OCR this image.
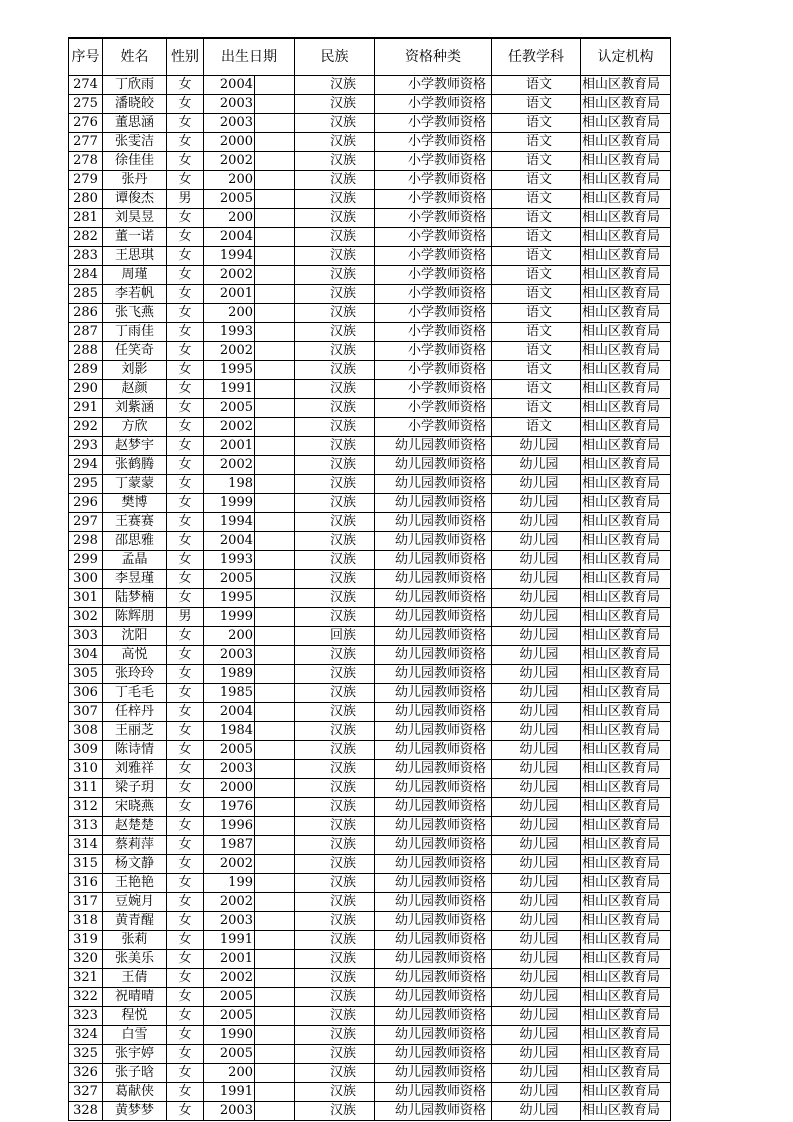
序号	姓名	性别	出生日期	民族	资格种类	任教学科	认定机构
274	丁欣雨	女	2004	汉族	小学教师资格	语文	相山区教育局
275	潘晓皎	女	2003	汉族	小学教师资格	语文	相山区教育局
276	董思涵	女	2003	汉族	小学教师资格	语文	相山区教育局
277	张雯洁	女	2000	汉族	小学教师资格	语文	相山区教育局
278	徐佳佳	女	2002	汉族	小学教师资格	语文	相山区教育局
279	张丹	女	200	汉族	小学教师资格	语文	相山区教育局
280	谭俊杰	男	2005	汉族	小学教师资格	语文	相山区教育局
281	刘昊昱	女	200	汉族	小学教师资格	语文	相山区教育局
282	董一诺	女	2004	汉族	小学教师资格	语文	相山区教育局
283	王思琪	女	1994	汉族	小学教师资格	语文	相山区教育局
284	周瑾	女	2002	汉族	小学教师资格	语文	相山区教育局
285	李若帆	女	2001	汉族	小学教师资格	语文	相山区教育局
286	张飞燕	女	200	汉族	小学教师资格	语文	相山区教育局
287	丁雨佳	女	1993	汉族	小学教师资格	语文	相山区教育局
288	任笑奇	女	2002	汉族	小学教师资格	语文	相山区教育局
289	刘影	女	1995	汉族	小学教师资格	语文	相山区教育局
290	赵颜	女	1991	汉族	小学教师资格	语文	相山区教育局
291	刘紫涵	女	2005	汉族	小学教师资格	语文	相山区教育局
292	方欣	女	2002	汉族	小学教师资格	语文	相山区教育局
293	赵梦宇	女	2001	汉族	幼儿园教师资格	幼儿园	相山区教育局
294	张鹤腾	女	2002	汉族	幼儿园教师资格	幼儿园	相山区教育局
295	丁蒙蒙	女	198	汉族	幼儿园教师资格	幼儿园	相山区教育局
296	樊博	女	1999	汉族	幼儿园教师资格	幼儿园	相山区教育局
297	王赛赛	女	1994	汉族	幼儿园教师资格	幼儿园	相山区教育局
298	邵思雅	女	2004	汉族	幼儿园教师资格	幼儿园	相山区教育局
299	孟晶	女	1993	汉族	幼儿园教师资格	幼儿园	相山区教育局
300	李昱瑾	女	2005	汉族	幼儿园教师资格	幼儿园	相山区教育局
301	陆梦楠	女	1995	汉族	幼儿园教师资格	幼儿园	相山区教育局
302	陈辉朋	男	1999	汉族	幼儿园教师资格	幼儿园	相山区教育局
303	沈阳	女	200	回族	幼儿园教师资格	幼儿园	相山区教育局
304	高悦	女	2003	汉族	幼儿园教师资格	幼儿园	相山区教育局
305	张玲玲	女	1989	汉族	幼儿园教师资格	幼儿园	相山区教育局
306	丁毛毛	女	1985	汉族	幼儿园教师资格	幼儿园	相山区教育局
307	任梓丹	女	2004	汉族	幼儿园教师资格	幼儿园	相山区教育局
308	王丽芝	女	1984	汉族	幼儿园教师资格	幼儿园	相山区教育局
309	陈诗情	女	2005	汉族	幼儿园教师资格	幼儿园	相山区教育局
310	刘雅祥	女	2003	汉族	幼儿园教师资格	幼儿园	相山区教育局
311	梁子玥	女	2000	汉族	幼儿园教师资格	幼儿园	相山区教育局
312	宋晓燕	女	1976	汉族	幼儿园教师资格	幼儿园	相山区教育局
313	赵楚楚	女	1996	汉族	幼儿园教师资格	幼儿园	相山区教育局
314	蔡莉萍	女	1987	汉族	幼儿园教师资格	幼儿园	相山区教育局
315	杨文静	女	2002	汉族	幼儿园教师资格	幼儿园	相山区教育局
316	王艳艳	女	199	汉族	幼儿园教师资格	幼儿园	相山区教育局
317	豆婉月	女	2002	汉族	幼儿园教师资格	幼儿园	相山区教育局
318	黄青醒	女	2003	汉族	幼儿园教师资格	幼儿园	相山区教育局
319	张莉	女	1991	汉族	幼儿园教师资格	幼儿园	相山区教育局
320	张美乐	女	2001	汉族	幼儿园教师资格	幼儿园	相山区教育局
321	王倩	女	2002	汉族	幼儿园教师资格	幼儿园	相山区教育局
322	祝晴晴	女	2005	汉族	幼儿园教师资格	幼儿园	相山区教育局
323	程悦	女	2005	汉族	幼儿园教师资格	幼儿园	相山区教育局
324	白雪	女	1990	汉族	幼儿园教师资格	幼儿园	相山区教育局
325	张宇婷	女	2005	汉族	幼儿园教师资格	幼儿园	相山区教育局
326	张子晗	女	200	汉族	幼儿园教师资格	幼儿园	相山区教育局
327	葛献侠	女	1991	汉族	幼儿园教师资格	幼儿园	相山区教育局
328	黄梦梦	女	2003	汉族	幼儿园教师资格	幼儿园	相山区教育局
